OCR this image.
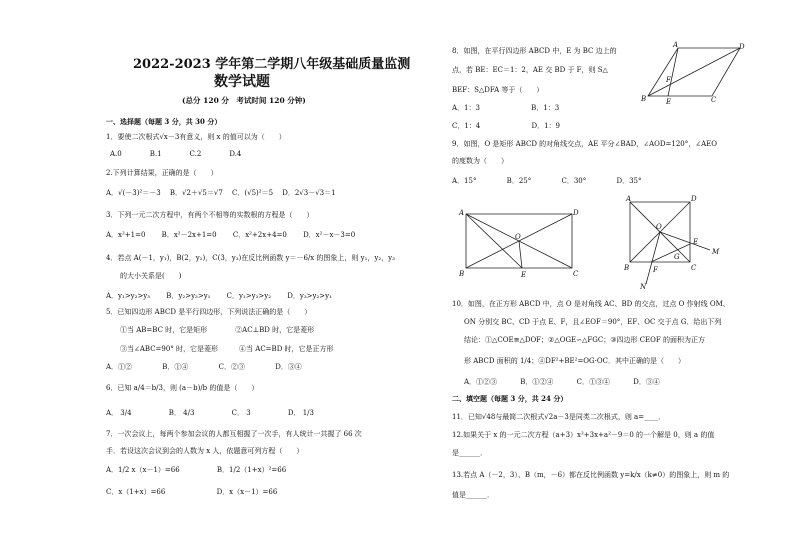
2022-2023 学年第二学期八年级基础质量监测
数学试题
(总分 120 分　考试时间 120 分钟)
一、选择题（每题 3 分，共 30 分）
1．要使二次根式√x－3有意义，则 x 的值可以为（　　）
A.0　　　　B.1　　　　C.2　　　　D.4
2.下列计算结果，正确的是（　　）
A．√(－3)²＝－3　 B．√2＋√5＝√7　 C．(√5)²＝5　 D．2√3－√3＝1
3．下列一元二次方程中，有两个不相等的实数根的方程是（　　）
A．x²+1=0　　 B．x²－2x+1=0　　 C．x²+2x+4=0　　 D．x²－x－3=0
4．若点 A(－1，y₁)，B(2，y₂)，C(3，y₃)在反比例函数 y＝－6/x 的图象上，则 y₁，y₂，y₃
的大小关系是(　　)
A．y₁>y₂>y₃　　 B．y₂>y₃>y₁　　 C．y₁>y₃>y₂　　 D．y₃>y₂>y₁
5．已知四边形 ABCD 是平行四边形，下列说法正确的是（　　）
①当 AB=BC 时，它是矩形　　　　②AC⊥BD 时，它是菱形
③当∠ABC=90° 时，它是菱形　　　④当 AC=BD 时，它是正方形
A．①②　　　　 B．①④　　　　 C．②③　　　　 D．③④
6．已知 a/4＝b/3，则 (a－b)/b 的值是（　　）
A． 3/4　　　　　 B． 4/3　　　　　 C． 3　　　　　 D． 1/3
7．一次会议上，每两个参加会议的人都互相握了一次手，有人统计一共握了 66 次
手．若设这次会议到会的人数为 x 人，依题意可列方程（　　）
A．1/2 x（x－1）=66　　　　　 B．1/2（1+x）²=66
C．x（1+x）=66　　　　　　　 D．x（x－1）=66
8．如图，在平行四边形 ABCD 中，E 为 BC 边上的
点，若 BE：EC＝1：2，AE 交 BD 于 F，则 S△
BEF：S△DFA 等于（　　）
A．1：3　　　　　　　 B．1：3
C．1：4　　　　　　　 D．1：9
9．如图，O 是矩形 ABCD 的对角线交点，AE 平分∠BAD，∠AOD=120°，∠AEO
的度数为（　　）
A．15°　　　　 B．25°　　　　 C．30°　　　　 D．35°
10．如图，在正方形 ABCD 中，点 O 是对角线 AC、BD 的交点，过点 O 作射线 OM、
ON 分别交 BC、CD 于点 E、F，且∠EOF＝90°，EF、OC 交于点 G．给出下列
结论：①△COE≌△DOF；②△OGE∽△FGC；③四边形 CEOF 的面积为正方
形 ABCD 面积的 1/4；④DF²+BE²=OG·OC．其中正确的是（　　）
A．①②③　　　 B．①②④　　　 C．①③④　　　 D．③④
二、填空题（每题 3 分，共 24 分）
11．已知√48与最简二次根式√2a－3是同类二次根式，则 a=____．
12.如果关于 x 的一元二次方程（a+3）x²+3x+a²－9＝0 的一个解是 0，则 a 的值
是______．
13.若点 A（－2，3）、B（m，－6）都在反比例函数 y=k/x（k≠0）的图象上，则 m 的
值是______．
A	D
F
B	E	C
A	D
O
B	E	C
A	D
O
E
M
G
F
B	C
N
